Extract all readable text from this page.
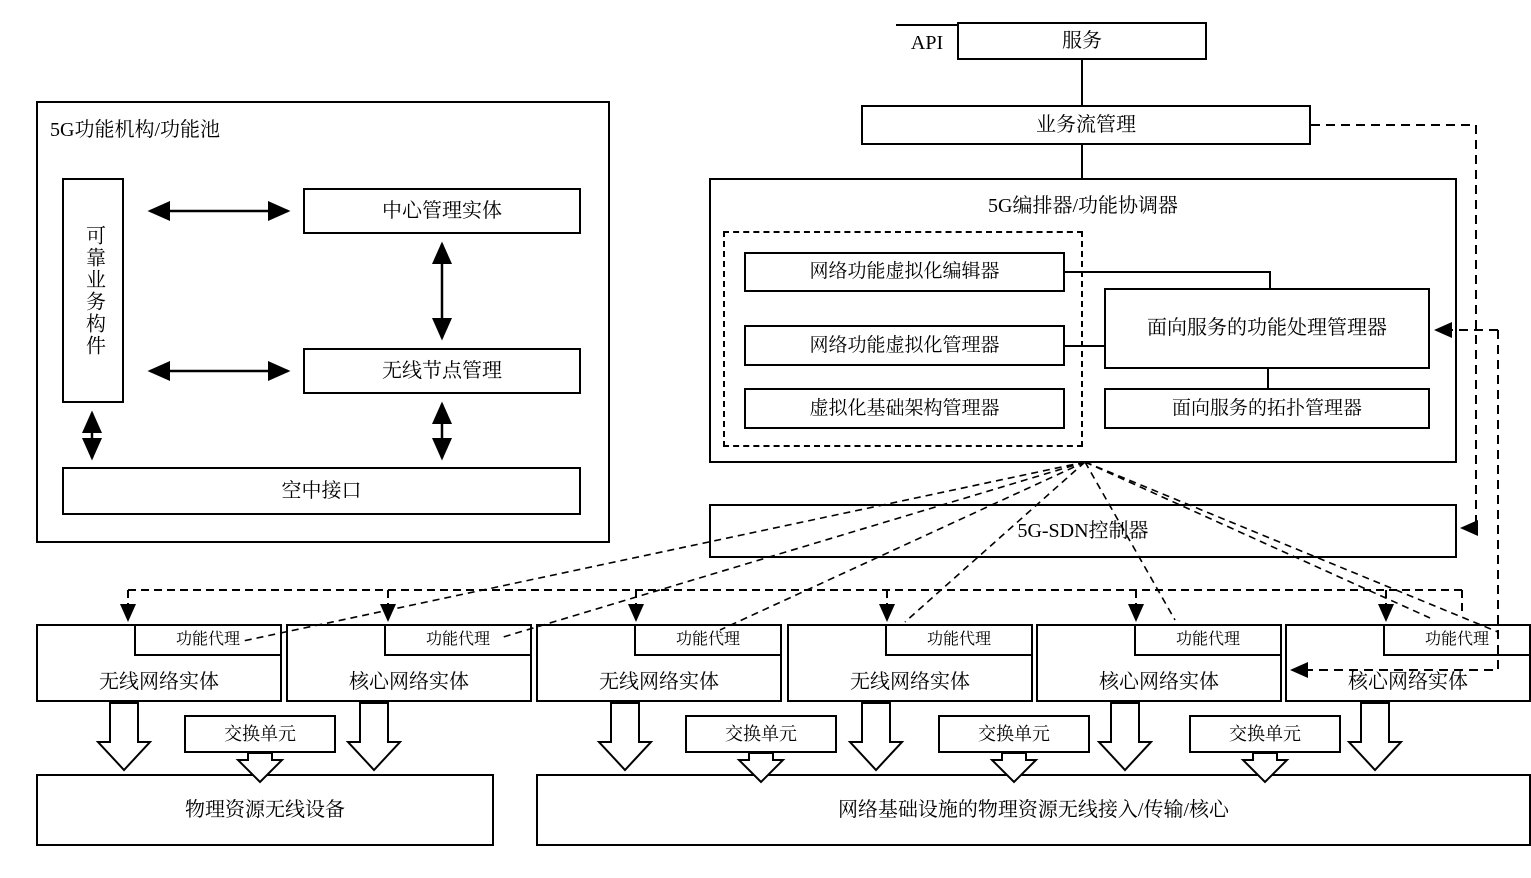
API	服务
业务流管理
5G功能机构/功能池
可靠业务构件
中心管理实体
无线节点管理
空中接口
5G编排器/功能协调器
网络功能虚拟化编辑器
网络功能虚拟化管理器
虚拟化基础架构管理器
面向服务的功能处理管理器
面向服务的拓扑管理器
5G-SDN控制器
功能代理
无线网络实体
功能代理
核心网络实体
功能代理
无线网络实体
功能代理
无线网络实体
功能代理
核心网络实体
功能代理
核心网络实体
交换单元	交换单元	交换单元	交换单元
物理资源无线设备	网络基础设施的物理资源无线接入/传输/核心
